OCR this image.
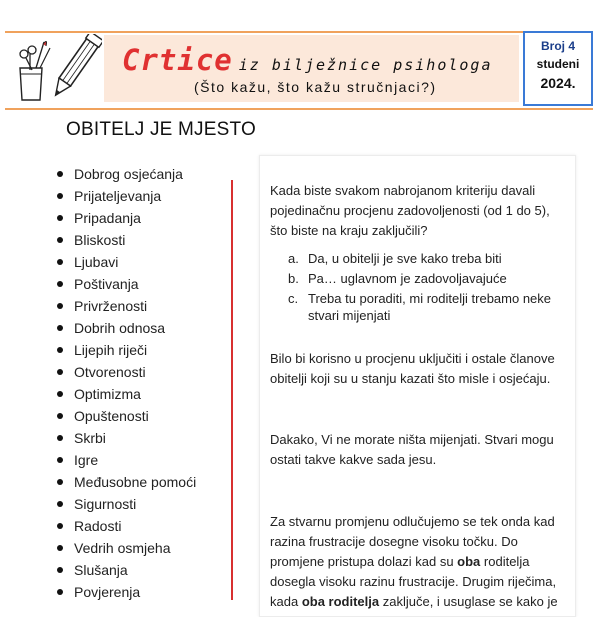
Crtice iz bilježnice psihologa
(Što kažu, što kažu stručnjaci?)
Broj 4
studeni
2024.
OBITELJ JE MJESTO
Dobrog osjećanja
Prijateljevanja
Pripadanja
Bliskosti
Ljubavi
Poštivanja
Privrženosti
Dobrih odnosa
Lijepih riječi
Otvorenosti
Optimizma
Opuštenosti
Skrbi
Igre
Međusobne pomoći
Sigurnosti
Radosti
Vedrih osmjeha
Slušanja
Povjerenja
Kada biste svakom nabrojanom kriteriju davali pojedinačnu procjenu zadovoljenosti (od 1 do 5), što biste na kraju zaključili?
a. Da, u obitelji je sve kako treba biti
b. Pa… uglavnom je zadovoljavajuće
c. Treba tu poraditi, mi roditelji trebamo neke stvari mijenjati
Bilo bi korisno u procjenu uključiti i ostale članove obitelji koji su u stanju kazati što misle i osjećaju.
Dakako, Vi ne morate ništa mijenjati. Stvari mogu ostati takve kakve sada jesu.
Za stvarnu promjenu odlučujemo se tek onda kad razina frustracije dosegne visoku točku. Do promjene pristupa dolazi kad su oba roditelja dosegla visoku razinu frustracije. Drugim riječima, kada oba roditelja zaključe, i usuglase se kako je
